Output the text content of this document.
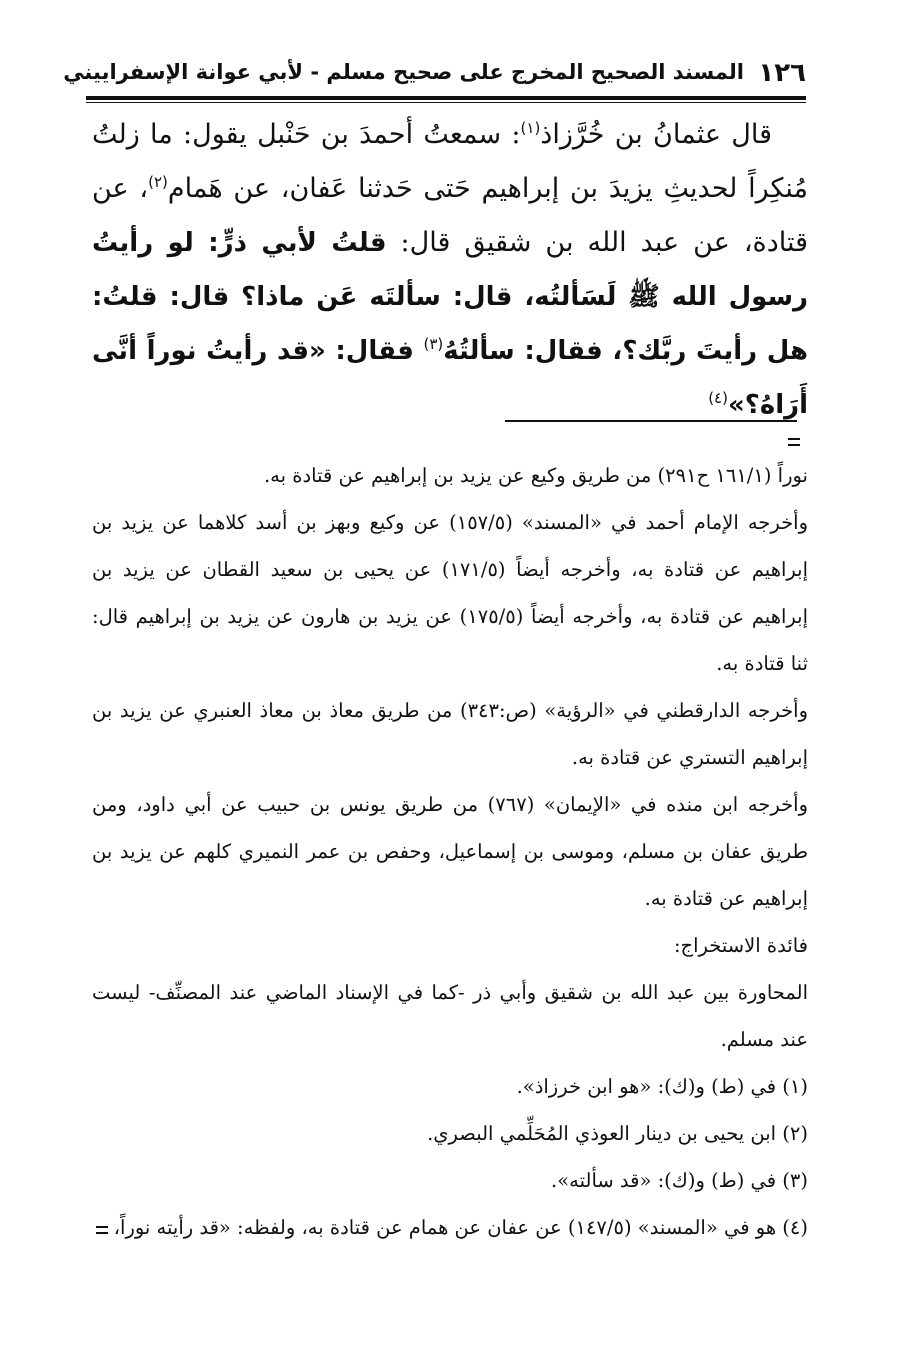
١٢٦
المسند الصحيح المخرج على صحيح مسلم - لأبي عوانة الإسفراييني

قال عثمانُ بن خُرَّزاذ$^{(١)}$: سمعتُ أحمدَ بن حَنْبل يقول: ما زلتُ مُنكِراً لحديثِ يزيدَ بن إبراهيم حَتى حَدثنا عَفان، عن هَمام$^{(٢)}$، عن قتادة، عن عبد الله بن شقيق قال: قلتُ لأبي ذرٍّ: لو رأيتُ رسول الله ﷺ لَسَألتُه، قال: سألتَه عَن ماذا؟ قال: قلتُ: هل رأيتَ ربَّك؟، فقال: سألتُهُ$^{(٣)}$ فقال: «قد رأيتُ نوراً أنَّى أَرَاهُ؟»$^{(٤)}$

نوراً (١٦١/١ ح٢٩١) من طريق وكيع عن يزيد بن إبراهيم عن قتادة به.

وأخرجه الإمام أحمد في «المسند» (١٥٧/٥) عن وكيع وبهز بن أسد كلاهما عن يزيد بن إبراهيم عن قتادة به، وأخرجه أيضاً (١٧١/٥) عن يحيى بن سعيد القطان عن يزيد بن إبراهيم عن قتادة به، وأخرجه أيضاً (١٧٥/٥) عن يزيد بن هارون عن يزيد بن إبراهيم قال: ثنا قتادة به.

وأخرجه الدارقطني في «الرؤية» (ص:٣٤٣) من طريق معاذ بن معاذ العنبري عن يزيد بن إبراهيم التستري عن قتادة به.

وأخرجه ابن منده في «الإيمان» (٧٦٧) من طريق يونس بن حبيب عن أبي داود، ومن طريق عفان بن مسلم، وموسى بن إسماعيل، وحفص بن عمر النميري كلهم عن يزيد بن إبراهيم عن قتادة به.

فائدة الاستخراج:

المحاورة بين عبد الله بن شقيق وأبي ذر -كما في الإسناد الماضي عند المصنِّف- ليست عند مسلم.

(١) في (ط) و(ك): «هو ابن خرزاذ».

(٢) ابن يحيى بن دينار العوذي المُحَلِّمي البصري.

(٣) في (ط) و(ك): «قد سألته».

(٤) هو في «المسند» (١٤٧/٥) عن عفان عن همام عن قتادة به، ولفظه: «قد رأيته نوراً،
